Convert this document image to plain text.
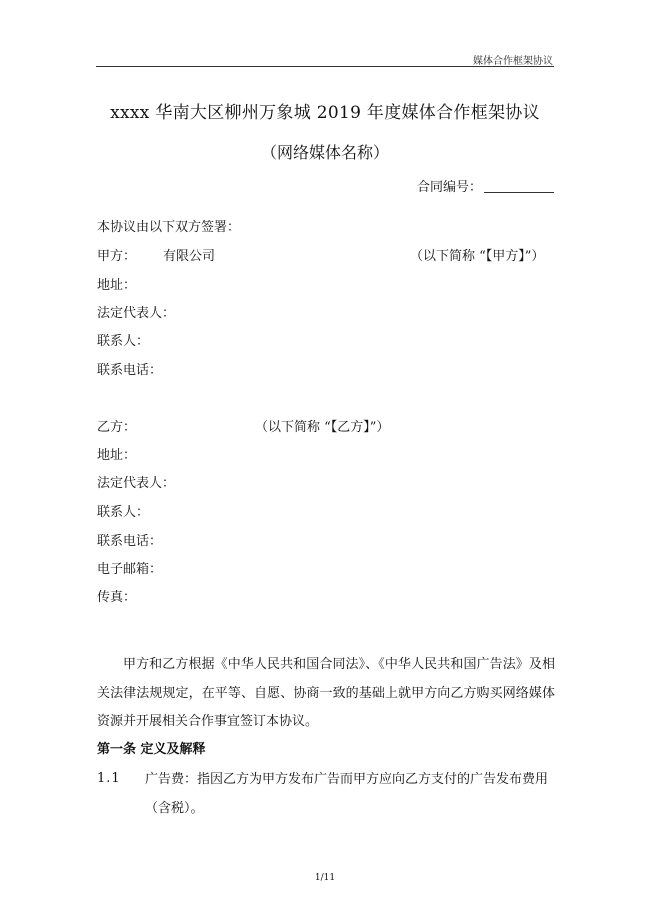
媒体合作框架协议
xxxx 华南大区柳州万象城 2019 年度媒体合作框架协议
（网络媒体名称）
合同编号：
本协议由以下双方签署：
甲方： 有限公司	（以下简称 “【甲方】”）
地址：
法定代表人：
联系人：
联系电话：
乙方：	（以下简称 “【乙方】”）
地址：
法定代表人：
联系人：
联系电话：
电子邮箱：
传真：
甲方和乙方根据《中华人民共和国合同法》、《中华人民共和国广告法》及相关法律法规规定，在平等、自愿、协商一致的基础上就甲方向乙方购买网络媒体资源并开展相关合作事宜签订本协议。
第一条 定义及解释
1.1 广告费：指因乙方为甲方发布广告而甲方应向乙方支付的广告发布费用（含税）。
1/11
